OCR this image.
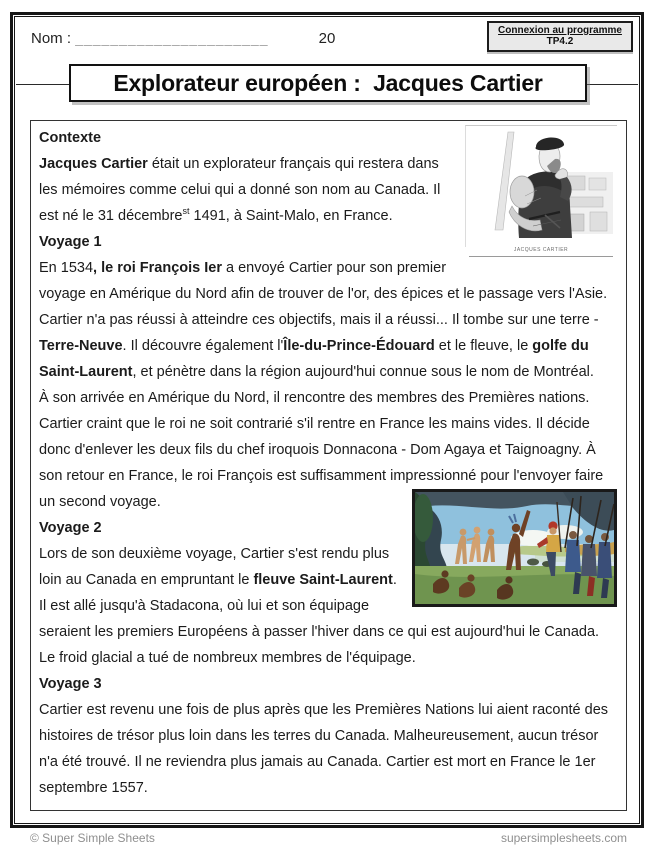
Nom : ______________________	20	Connexion au programme
TP4.2
Explorateur européen :  Jacques Cartier
JACQUES CARTIER

Contexte

Jacques Cartier était un explorateur français qui restera dans les mémoires comme celui qui a donné son nom au Canada. Il est né le 31 décembre$^{st}$ 1491, à Saint-Malo, en France.

Voyage 1

En 1534, le roi François Ier a envoyé Cartier pour son premier voyage en Amérique du Nord afin de trouver de l'or, des épices et le passage vers l'Asie. Cartier n'a pas réussi à atteindre ces objectifs, mais il a réussi... Il tombe sur une terre - Terre-Neuve. Il découvre également l'Île-du-Prince-Édouard et le fleuve, le golfe du Saint-Laurent, et pénètre dans la région aujourd'hui connue sous le nom de Montréal.

À son arrivée en Amérique du Nord, il rencontre des membres des Premières nations. Cartier craint que le roi ne soit contrarié s'il rentre en France les mains vides. Il décide donc d'enlever les deux fils du chef iroquois Donnacona - Dom Agaya et Taignoagny. À son retour en France, le roi François est suffisamment impressionné pour l'envoyer faire un second voyage.

Voyage 2

Lors de son deuxième voyage, Cartier s'est rendu plus loin au Canada en empruntant le fleuve Saint-Laurent. Il est allé jusqu'à Stadacona, où lui et son équipage seraient les premiers Européens à passer l'hiver dans ce qui est aujourd'hui le Canada. Le froid glacial a tué de nombreux membres de l'équipage.

Voyage 3

Cartier est revenu une fois de plus après que les Premières Nations lui aient raconté des histoires de trésor plus loin dans les terres du Canada. Malheureusement, aucun trésor n'a été trouvé. Il ne reviendra plus jamais au Canada. Cartier est mort en France le 1er septembre 1557.

© Super Simple Sheets	supersimplesheets.com
